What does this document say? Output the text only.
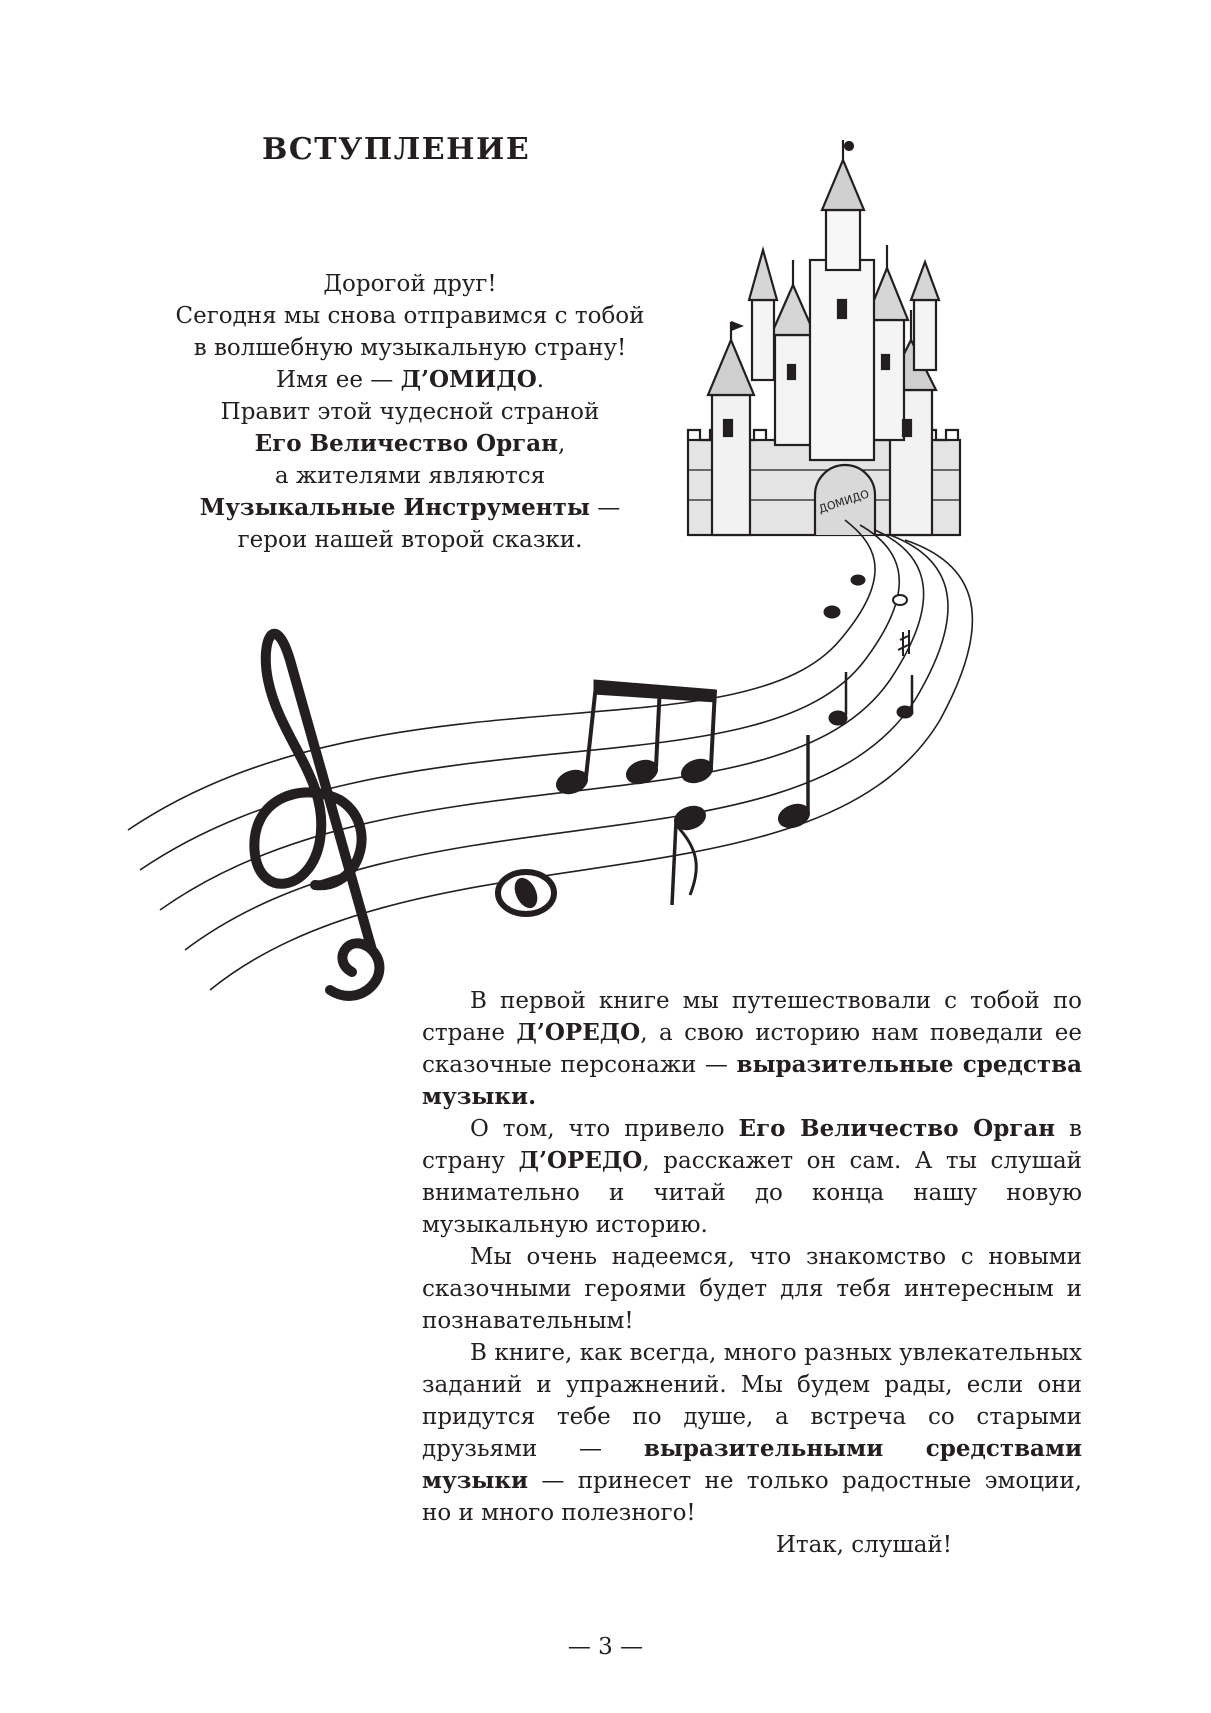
ДОМИДО
ВСТУПЛЕНИЕ
Дорогой друг!
Сегодня мы снова отправимся с тобой
в волшебную музыкальную страну!
Имя ее — Д’ОМИДО.
Правит этой чудесной страной
Его Величество Орган,
а жителями являются
Музыкальные Инструменты —
герои нашей второй сказки.

В первой книге мы путешествовали с тобой по стране Д’ОРЕДО, а свою историю нам поведали ее сказочные персонажи — выразительные средства музыки.

О том, что привело Его Величество Орган в страну Д’ОРЕДО, расскажет он сам. А ты слушай внимательно и читай до конца нашу новую музыкальную историю.

Мы очень надеемся, что знакомство с новыми сказочными героями будет для тебя интересным и познавательным!

В книге, как всегда, много разных увлекательных заданий и упражнений. Мы будем рады, если они придутся тебе по душе, а встреча со старыми друзьями — выразительными средствами музыки — принесет не только радостные эмоции, но и много полезного!

Итак, слушай!

— 3 —
